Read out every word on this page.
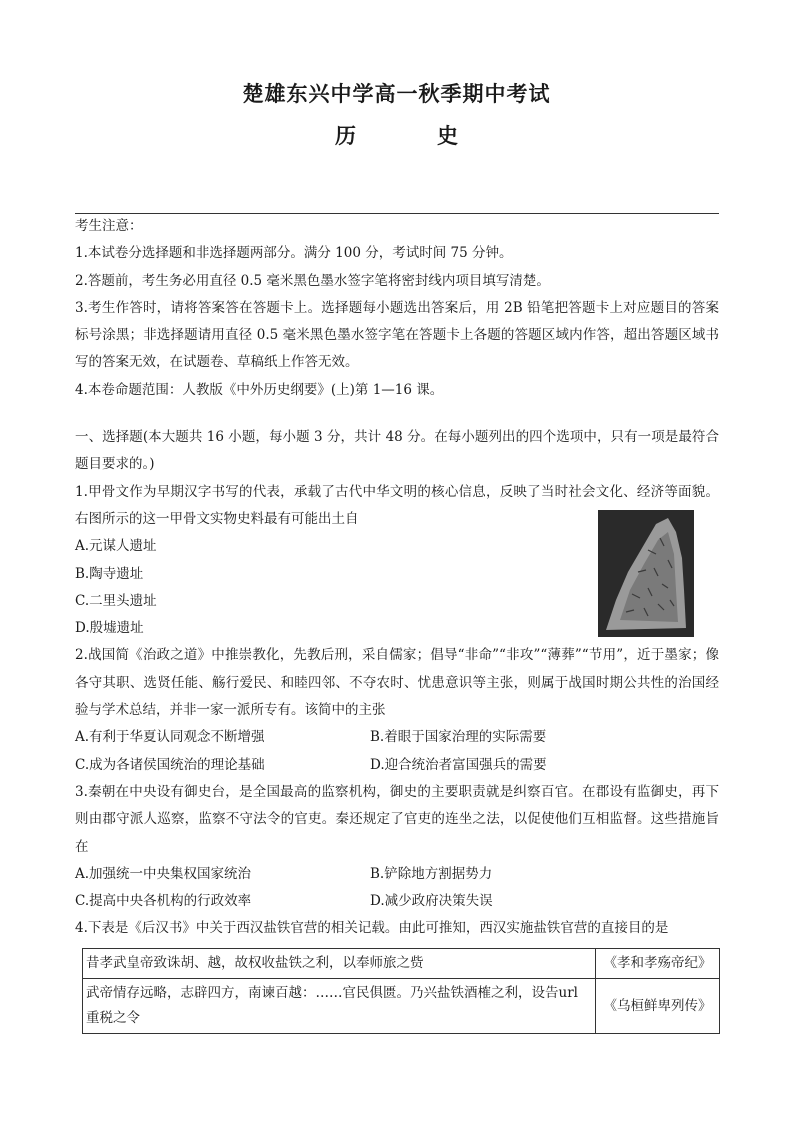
楚雄东兴中学高一秋季期中考试
历　史

考生注意：

1.本试卷分选择题和非选择题两部分。满分 100 分，考试时间 75 分钟。

2.答题前，考生务必用直径 0.5 毫米黑色墨水签字笔将密封线内项目填写清楚。

3.考生作答时，请将答案答在答题卡上。选择题每小题选出答案后，用 2B 铅笔把答题卡上对应题目的答案标号涂黑；非选择题请用直径 0.5 毫米黑色墨水签字笔在答题卡上各题的答题区域内作答，超出答题区域书写的答案无效，在试题卷、草稿纸上作答无效。

4.本卷命题范围：人教版《中外历史纲要》(上)第 1—16 课。

一、选择题(本大题共 16 小题，每小题 3 分，共计 48 分。在每小题列出的四个选项中，只有一项是最符合题目要求的。)

1.甲骨文作为早期汉字书写的代表，承载了古代中华文明的核心信息，反映了当时社会文化、经济等面貌。右图所示的这一甲骨文实物史料最有可能出土自

A.元谋人遗址

B.陶寺遗址

C.二里头遗址

D.殷墟遗址

2.战国简《治政之道》中推崇教化，先教后刑，采自儒家；倡导“非命”“非攻”“薄葬”“节用”，近于墨家；像各守其职、选贤任能、觞行爱民、和睦四邻、不夺农时、忧患意识等主张，则属于战国时期公共性的治国经验与学术总结，并非一家一派所专有。该简中的主张

A.有利于华夏认同观念不断增强	B.着眼于国家治理的实际需要
C.成为各诸侯国统治的理论基础	D.迎合统治者富国强兵的需要

3.秦朝在中央设有御史台，是全国最高的监察机构，御史的主要职责就是纠察百官。在郡设有监御史，再下则由郡守派人巡察，监察不守法令的官吏。秦还规定了官吏的连坐之法，以促使他们互相监督。这些措施旨在

A.加强统一中央集权国家统治	B.铲除地方割据势力
C.提高中央各机构的行政效率	D.减少政府决策失误

4.下表是《后汉书》中关于西汉盐铁官营的相关记载。由此可推知，西汉实施盐铁官营的直接目的是

昔孝武皇帝致诛胡、越，故权收盐铁之利，以奉师旅之赀	《孝和孝殇帝纪》
武帝情存远略，志辟四方，南谏百越：……官民俱匮。乃兴盐铁酒榷之利，设告url 重税之令	《乌桓鲜卑列传》
